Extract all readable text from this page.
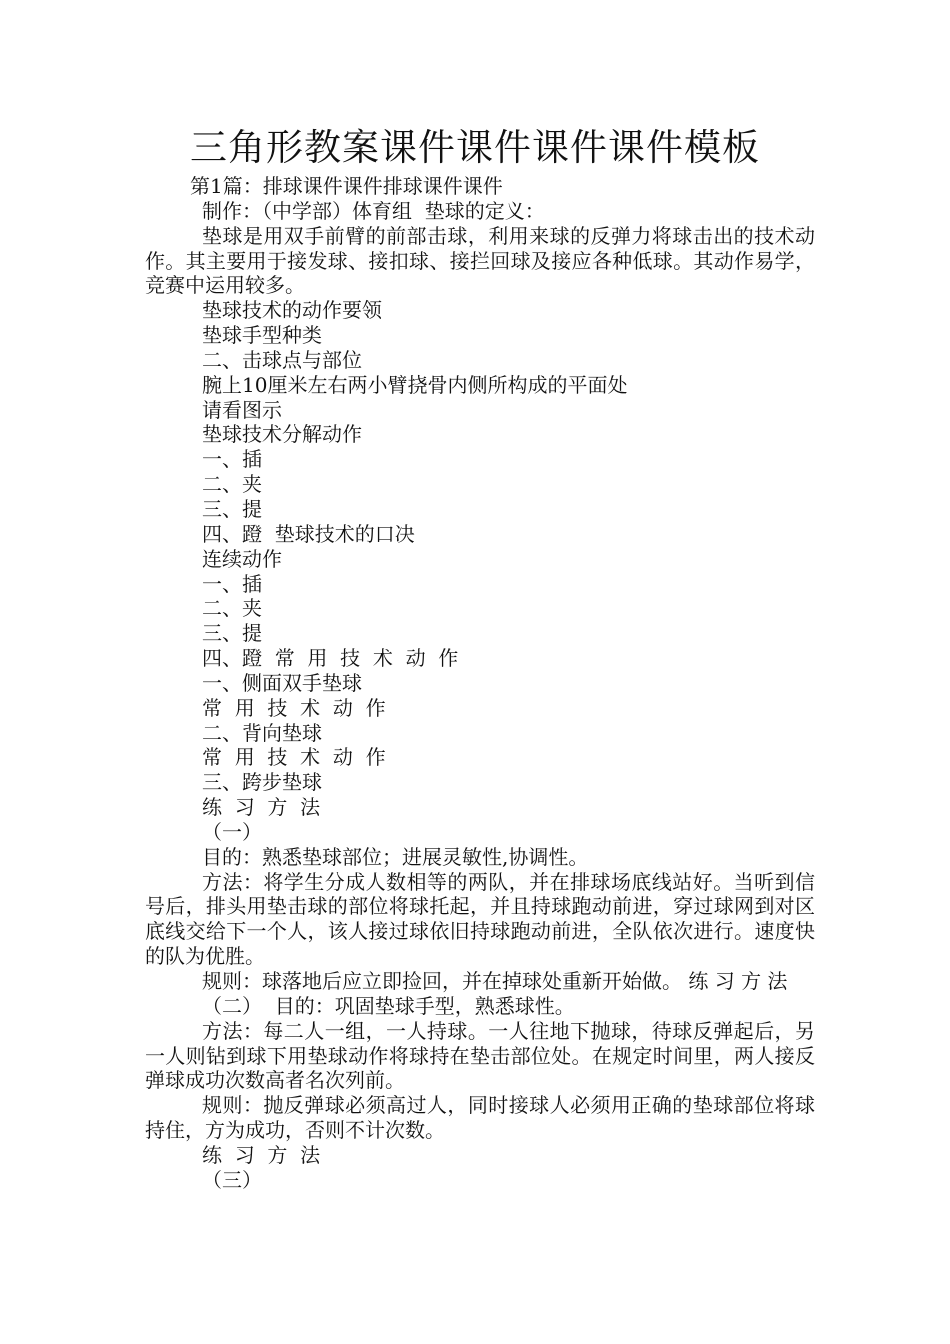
三角形教案课件课件课件课件模板
第1篇：排球课件课件排球课件课件
制作：（中学部）体育组  垫球的定义：
垫球是用双手前臂的前部击球，利用来球的反弹力将球击出的技术动作。其主要用于接发球、接扣球、接拦回球及接应各种低球。其动作易学，竞赛中运用较多。
垫球技术的动作要领
垫球手型种类
二、击球点与部位
腕上10厘米左右两小臂挠骨内侧所构成的平面处
请看图示
垫球技术分解动作
一、插
二、夹
三、提
四、蹬  垫球技术的口决
连续动作
一、插
二、夹
三、提
四、蹬  常  用  技  术  动  作
一、侧面双手垫球
常  用  技  术  动  作
二、背向垫球
常  用  技  术  动  作
三、跨步垫球
练  习  方  法
（一）
目的：熟悉垫球部位；进展灵敏性,协调性。
方法：将学生分成人数相等的两队，并在排球场底线站好。当听到信号后，排头用垫击球的部位将球托起，并且持球跑动前进，穿过球网到对区底线交给下一个人，该人接过球依旧持球跑动前进，全队依次进行。速度快的队为优胜。
规则：球落地后应立即捡回，并在掉球处重新开始做。 练 习 方 法
（二）  目的：巩固垫球手型，熟悉球性。
方法：每二人一组，一人持球。一人往地下抛球，待球反弹起后，另一人则钻到球下用垫球动作将球持在垫击部位处。在规定时间里，两人接反弹球成功次数高者名次列前。
规则：抛反弹球必须高过人，同时接球人必须用正确的垫球部位将球持住，方为成功，否则不计次数。
练  习  方  法
（三）
